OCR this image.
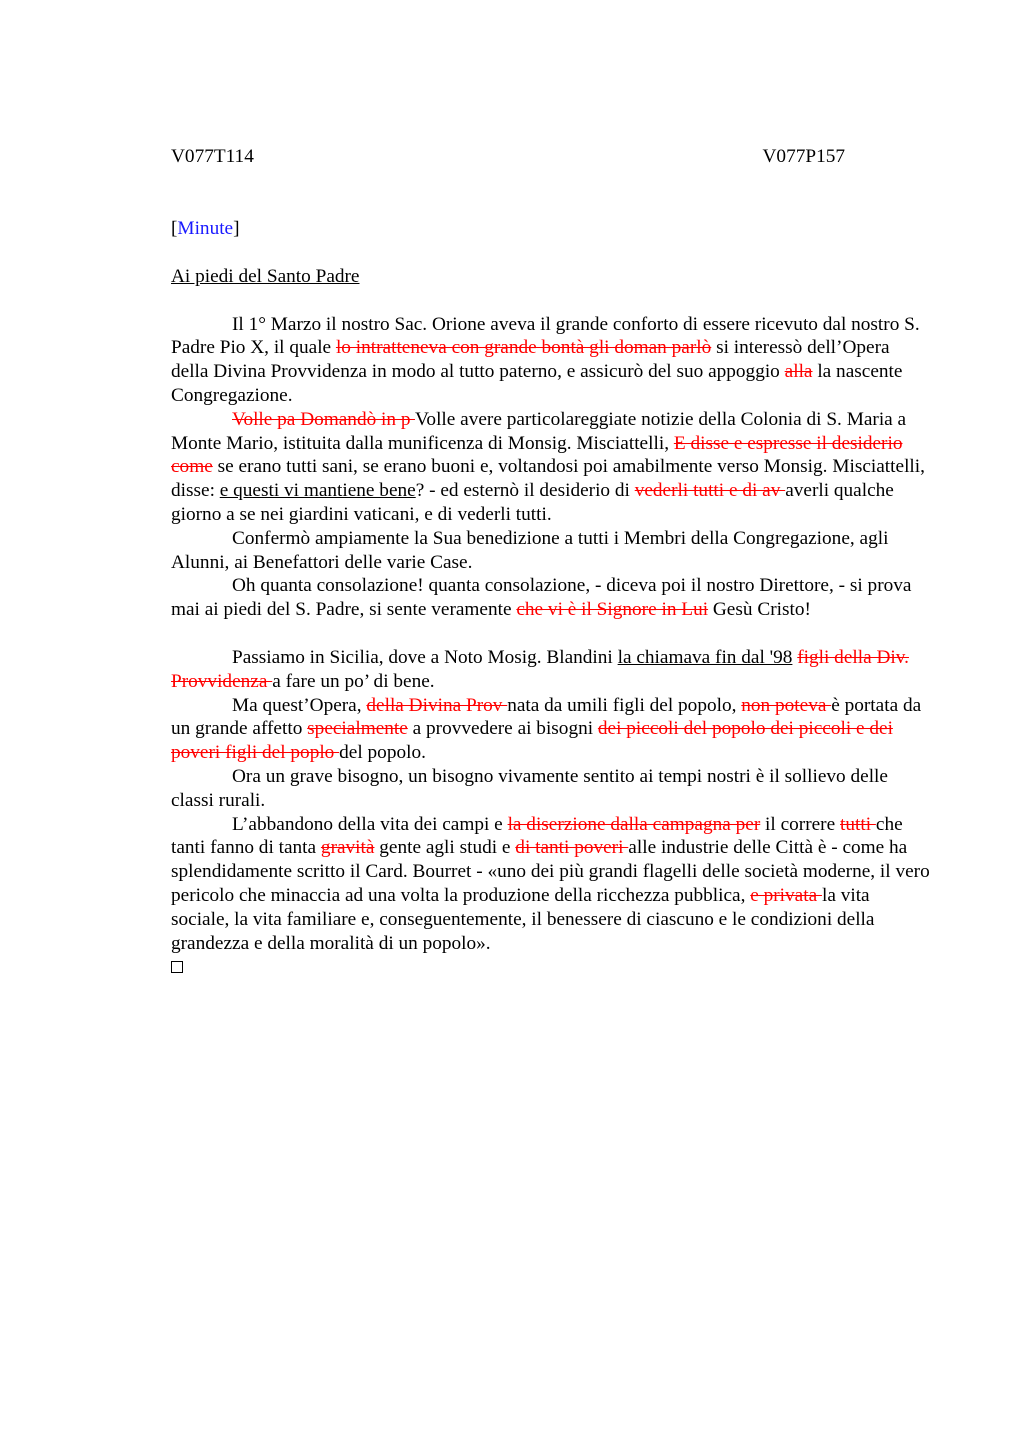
V077T114	V077P157
[Minute]
Ai piedi del Santo Padre

Il 1° Marzo il nostro Sac. Orione aveva il grande conforto di essere ricevuto dal nostro S. Padre Pio X, il quale lo intratteneva con grande bontà gli doman parlò si interessò dell’Opera della Divina Provvidenza in modo al tutto paterno, e assicurò del suo appoggio alla la nascente Congregazione.

Volle pa Domandò in p Volle avere particolareggiate notizie della Colonia di S. Maria a Monte Mario, istituita dalla munificenza di Monsig. Misciattelli, E disse e espresse il desiderio come se erano tutti sani, se erano buoni e, voltandosi poi amabilmente verso Monsig. Misciattelli, disse: e questi vi mantiene bene? - ed esternò il desiderio di vederli tutti e di av averli qualche giorno a se nei giardini vaticani, e di vederli tutti.

Confermò ampiamente la Sua benedizione a tutti i Membri della Congregazione, agli Alunni, ai Benefattori delle varie Case.

Oh quanta consolazione! quanta consolazione, - diceva poi il nostro Direttore, - si prova mai ai piedi del S. Padre, si sente veramente che vi è il Signore in Lui Gesù Cristo!

Passiamo in Sicilia, dove a Noto Mosig. Blandini la chiamava fin dal '98 figli della Div. Provvidenza a fare un po’ di bene.

Ma quest’Opera, della Divina Prov nata da umili figli del popolo, non poteva è portata da un grande affetto specialmente a provvedere ai bisogni dei piccoli del popolo dei piccoli e dei poveri figli del poplo del popolo.

Ora un grave bisogno, un bisogno vivamente sentito ai tempi nostri è il sollievo delle classi rurali.

L’abbandono della vita dei campi e la diserzione dalla campagna per il correre tutti che tanti fanno di tanta gravità gente agli studi e di tanti poveri alle industrie delle Città è - come ha splendidamente scritto il Card. Bourret - «uno dei più grandi flagelli delle società moderne, il vero pericolo che minaccia ad una volta la produzione della ricchezza pubblica, e privata la vita sociale, la vita familiare e, conseguentemente, il benessere di ciascuno e le condizioni della grandezza e della moralità di un popolo».
